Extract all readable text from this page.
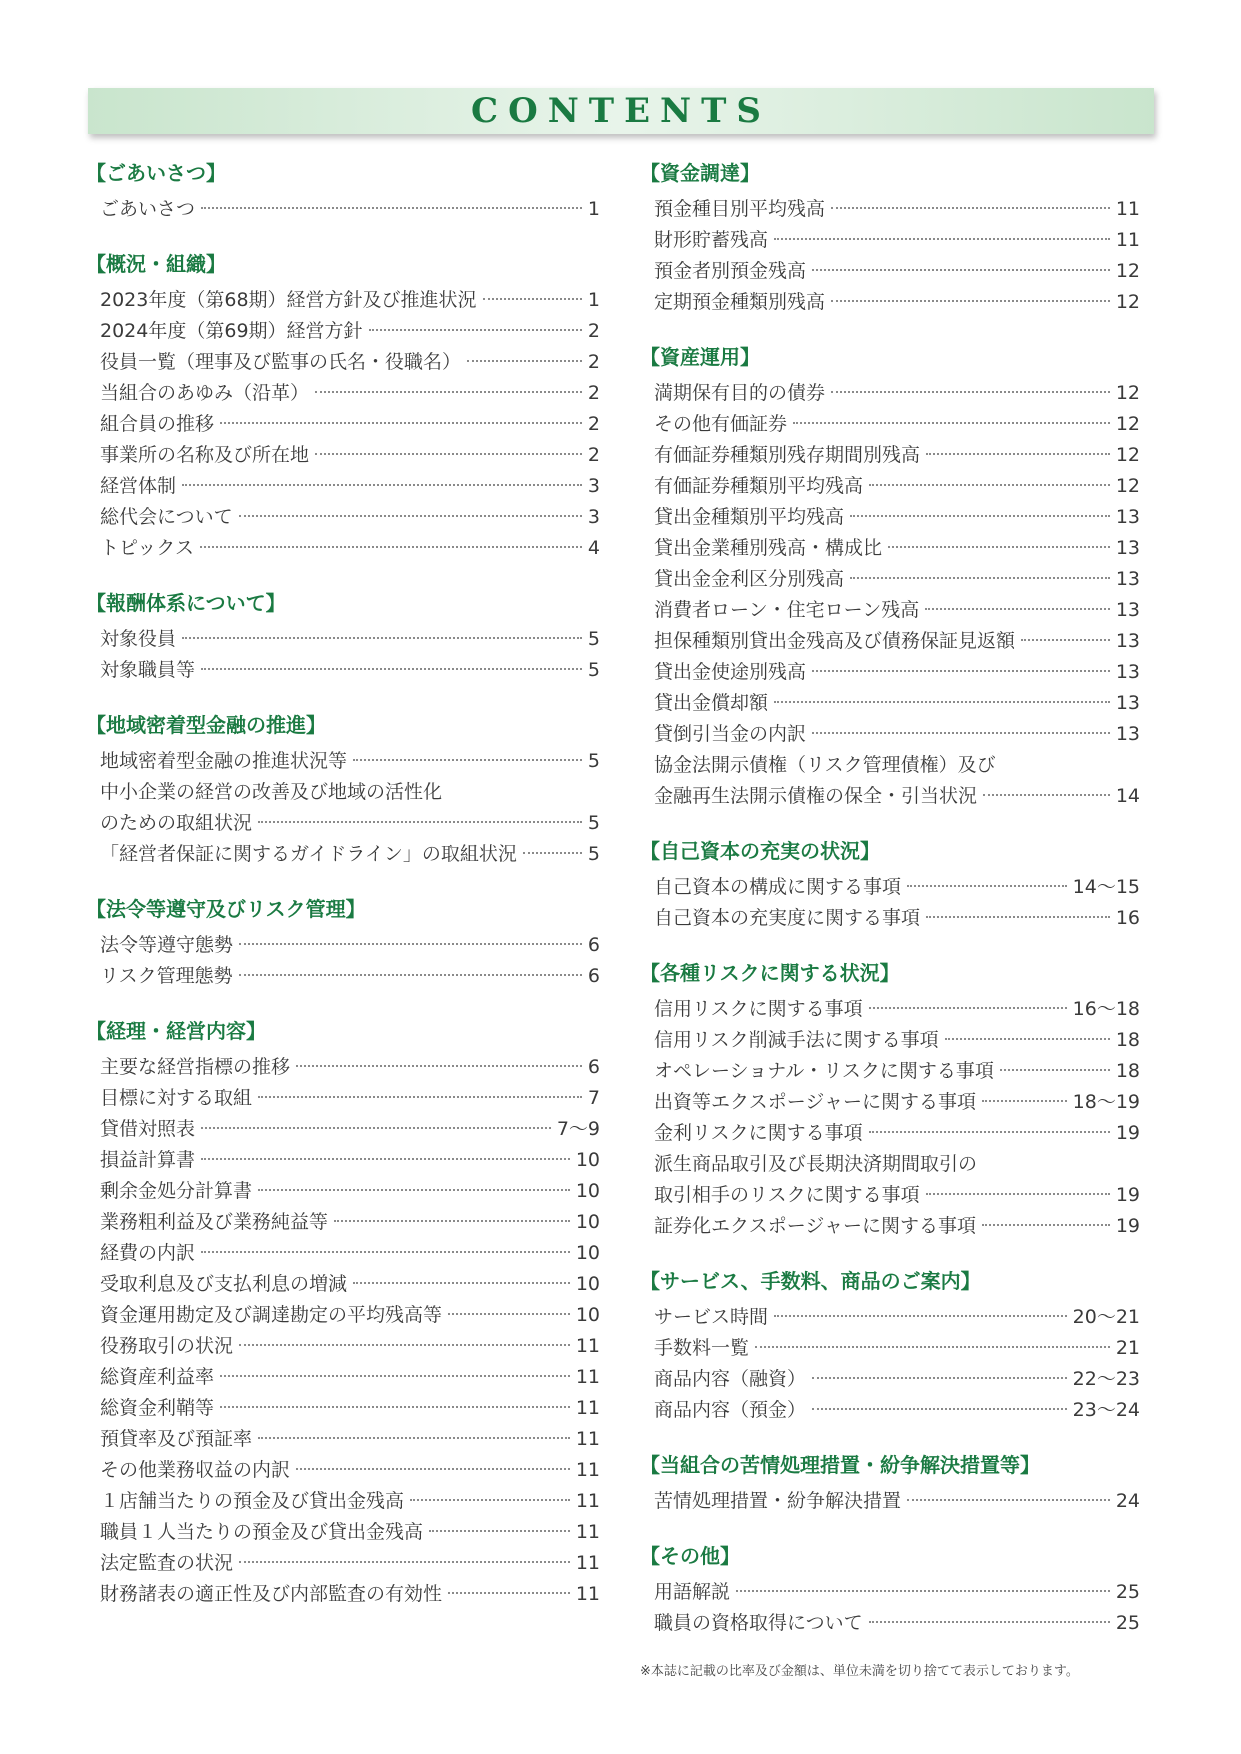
CONTENTS
【ごあいさつ】
ごあいさつ	1
【概況・組織】
2023年度（第68期）経営方針及び推進状況	1
2024年度（第69期）経営方針	2
役員一覧（理事及び監事の氏名・役職名）	2
当組合のあゆみ（沿革）	2
組合員の推移	2
事業所の名称及び所在地	2
経営体制	3
総代会について	3
トピックス	4
【報酬体系について】
対象役員	5
対象職員等	5
【地域密着型金融の推進】
地域密着型金融の推進状況等	5
中小企業の経営の改善及び地域の活性化
のための取組状況	5
「経営者保証に関するガイドライン」の取組状況	5
【法令等遵守及びリスク管理】
法令等遵守態勢	6
リスク管理態勢	6
【経理・経営内容】
主要な経営指標の推移	6
目標に対する取組	7
貸借対照表	7〜9
損益計算書	10
剰余金処分計算書	10
業務粗利益及び業務純益等	10
経費の内訳	10
受取利息及び支払利息の増減	10
資金運用勘定及び調達勘定の平均残高等	10
役務取引の状況	11
総資産利益率	11
総資金利鞘等	11
預貸率及び預証率	11
その他業務収益の内訳	11
１店舗当たりの預金及び貸出金残高	11
職員１人当たりの預金及び貸出金残高	11
法定監査の状況	11
財務諸表の適正性及び内部監査の有効性	11
【資金調達】
預金種目別平均残高	11
財形貯蓄残高	11
預金者別預金残高	12
定期預金種類別残高	12
【資産運用】
満期保有目的の債券	12
その他有価証券	12
有価証券種類別残存期間別残高	12
有価証券種類別平均残高	12
貸出金種類別平均残高	13
貸出金業種別残高・構成比	13
貸出金金利区分別残高	13
消費者ローン・住宅ローン残高	13
担保種類別貸出金残高及び債務保証見返額	13
貸出金使途別残高	13
貸出金償却額	13
貸倒引当金の内訳	13
協金法開示債権（リスク管理債権）及び
金融再生法開示債権の保全・引当状況	14
【自己資本の充実の状況】
自己資本の構成に関する事項	14〜15
自己資本の充実度に関する事項	16
【各種リスクに関する状況】
信用リスクに関する事項	16〜18
信用リスク削減手法に関する事項	18
オペレーショナル・リスクに関する事項	18
出資等エクスポージャーに関する事項	18〜19
金利リスクに関する事項	19
派生商品取引及び長期決済期間取引の
取引相手のリスクに関する事項	19
証券化エクスポージャーに関する事項	19
【サービス、手数料、商品のご案内】
サービス時間	20〜21
手数料一覧	21
商品内容（融資）	22〜23
商品内容（預金）	23〜24
【当組合の苦情処理措置・紛争解決措置等】
苦情処理措置・紛争解決措置	24
【その他】
用語解説	25
職員の資格取得について	25
※本誌に記載の比率及び金額は、単位未満を切り捨てて表示しております。
